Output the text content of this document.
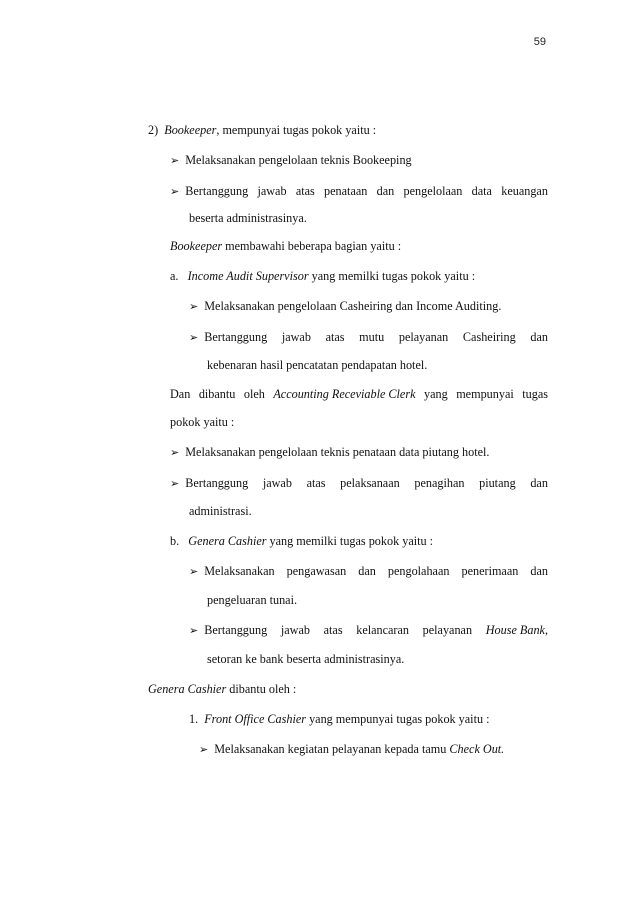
59
2) Bookeeper, mempunyai tugas pokok yaitu :
➢ Melaksanakan pengelolaan teknis Bookeeping
➢ Bertanggung jawab atas penataan dan pengelolaan data keuangan
beserta administrasinya.
Bookeeper membawahi beberapa bagian yaitu :
a. Income Audit Supervisor yang memilki tugas pokok yaitu :
➢ Melaksanakan pengelolaan Casheiring dan Income Auditing.
➢ Bertanggung jawab atas mutu pelayanan Casheiring dan
kebenaran hasil pencatatan pendapatan hotel.
Dan dibantu oleh Accounting Receviable Clerk yang mempunyai tugas
pokok yaitu :
➢ Melaksanakan pengelolaan teknis penataan data piutang hotel.
➢ Bertanggung jawab atas pelaksanaan penagihan piutang dan
administrasi.
b. Genera Cashier yang memilki tugas pokok yaitu :
➢ Melaksanakan pengawasan dan pengolahaan penerimaan dan
pengeluaran tunai.
➢ Bertanggung jawab atas kelancaran pelayanan House Bank,
setoran ke bank beserta administrasinya.
Genera Cashier dibantu oleh :
1. Front Office Cashier yang mempunyai tugas pokok yaitu :
➢ Melaksanakan kegiatan pelayanan kepada tamu Check Out.
